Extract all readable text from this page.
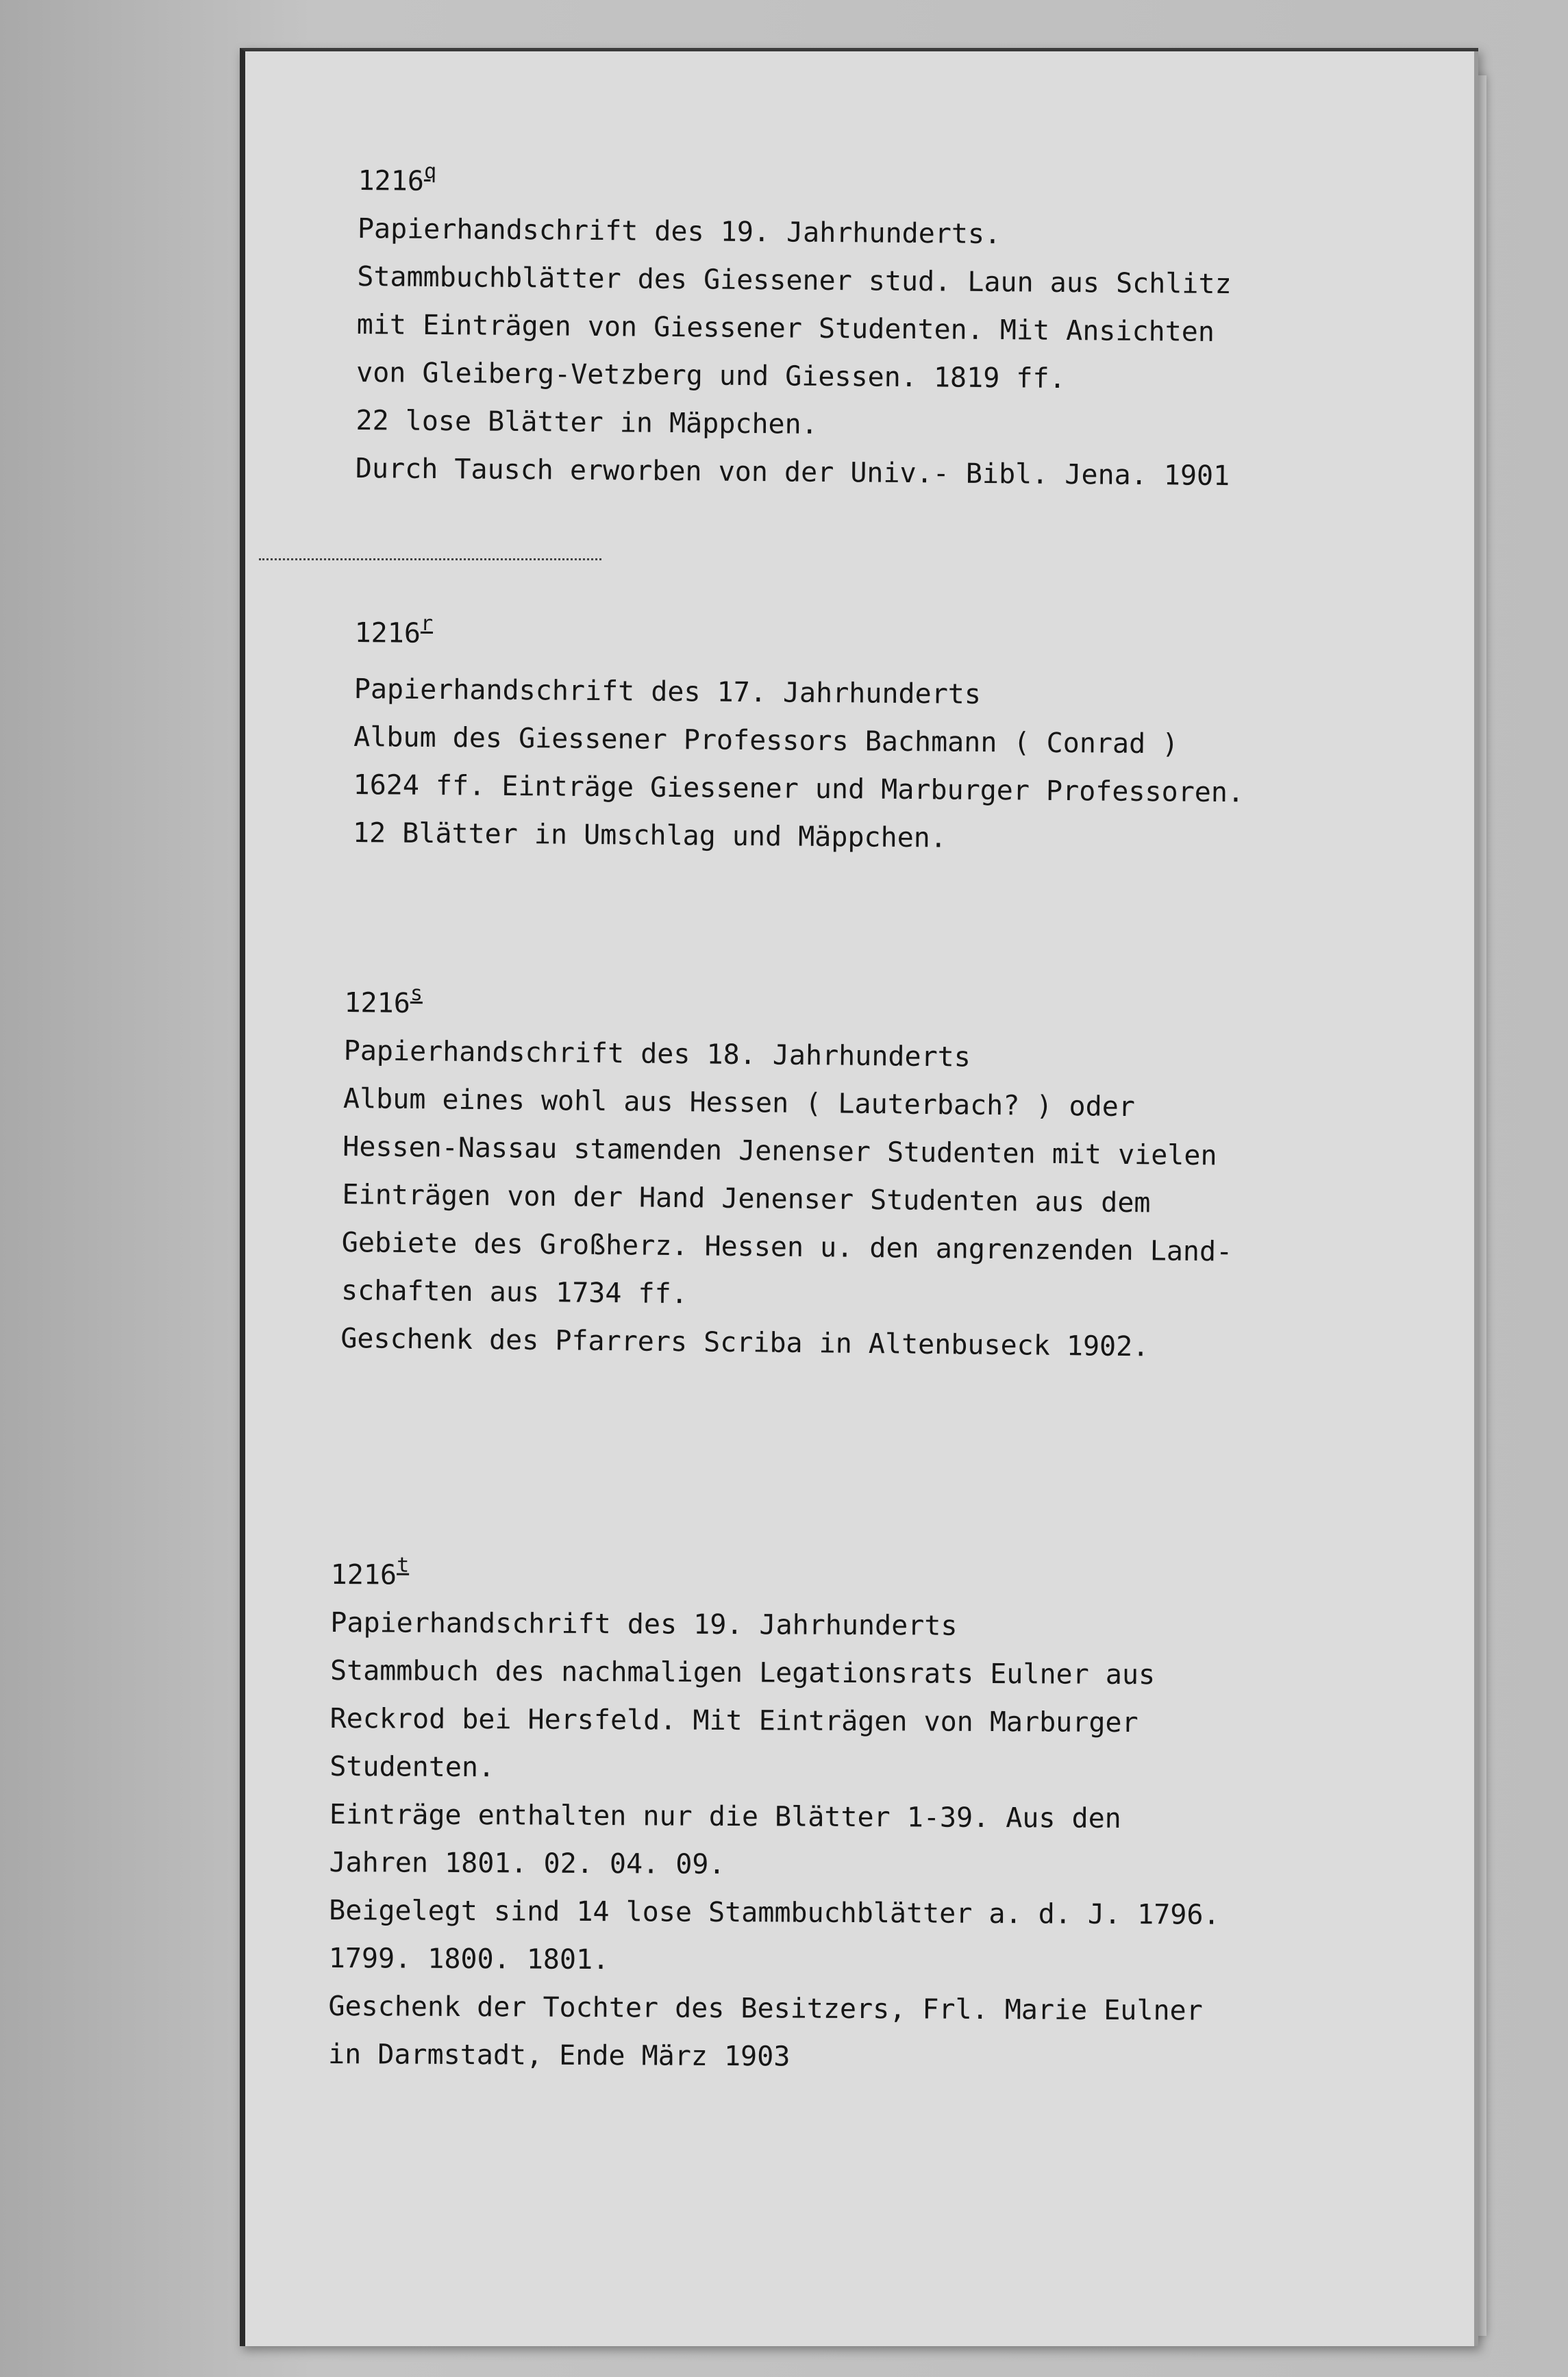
1216$^q$

Papierhandschrift des 19. Jahrhunderts.

Stammbuchblätter des Giessener stud. Laun aus Schlitz

mit Einträgen von Giessener Studenten. Mit Ansichten

von Gleiberg-Vetzberg und Giessen. 1819 ff.

22 lose Blätter in Mäppchen.

Durch Tausch erworben von der Univ.- Bibl. Jena. 1901

1216$^r$

Papierhandschrift des 17. Jahrhunderts

Album des Giessener Professors Bachmann ( Conrad )

1624 ff. Einträge Giessener und Marburger Professoren.

12 Blätter in Umschlag und Mäppchen.

1216$^s$

Papierhandschrift des 18. Jahrhunderts

Album eines wohl aus Hessen ( Lauterbach? ) oder

Hessen-Nassau stamenden Jenenser Studenten mit vielen

Einträgen von der Hand Jenenser Studenten aus dem

Gebiete des Großherz. Hessen u. den angrenzenden Land-

schaften aus 1734 ff.

Geschenk des Pfarrers Scriba in Altenbuseck 1902.

1216$^t$

Papierhandschrift des 19. Jahrhunderts

Stammbuch des nachmaligen Legationsrats Eulner aus

Reckrod bei Hersfeld. Mit Einträgen von Marburger

Studenten.

Einträge enthalten nur die Blätter 1-39. Aus den

Jahren 1801. 02. 04. 09.

Beigelegt sind 14 lose Stammbuchblätter a. d. J. 1796.

1799. 1800. 1801.

Geschenk der Tochter des Besitzers, Frl. Marie Eulner

in Darmstadt, Ende März 1903
